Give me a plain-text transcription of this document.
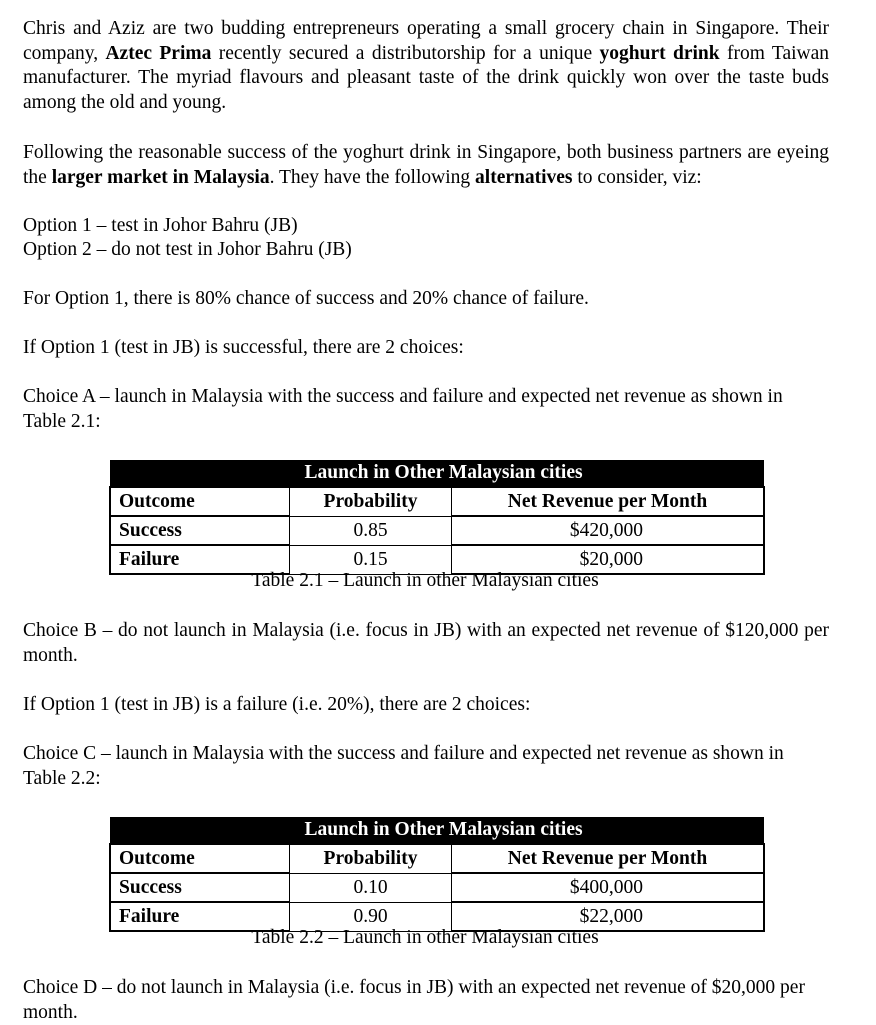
Chris and Aziz are two budding entrepreneurs operating a small grocery chain in Singapore. Their company, Aztec Prima recently secured a distributorship for a unique yoghurt drink from Taiwan manufacturer. The myriad flavours and pleasant taste of the drink quickly won over the taste buds among the old and young.

Following the reasonable success of the yoghurt drink in Singapore, both business partners are eyeing the larger market in Malaysia. They have the following alternatives to consider, viz:

Option 1 – test in Johor Bahru (JB)

Option 2 – do not test in Johor Bahru (JB)

For Option 1, there is 80% chance of success and 20% chance of failure.

If Option 1 (test in JB) is successful, there are 2 choices:

Choice A – launch in Malaysia with the success and failure and expected net revenue as shown in Table 2.1:

	Launch in Other Malaysian cities	
Outcome	Probability	Net Revenue per Month
Success	0.85	$420,000
Failure	0.15	$20,000
Table 2.1 – Launch in other Malaysian cities

Choice B – do not launch in Malaysia (i.e. focus in JB) with an expected net revenue of $120,000 per month.

If Option 1 (test in JB) is a failure (i.e. 20%), there are 2 choices:

Choice C – launch in Malaysia with the success and failure and expected net revenue as shown in Table 2.2:

	Launch in Other Malaysian cities	
Outcome	Probability	Net Revenue per Month
Success	0.10	$400,000
Failure	0.90	$22,000
Table 2.2 – Launch in other Malaysian cities

Choice D – do not launch in Malaysia (i.e. focus in JB) with an expected net revenue of $20,000 per month.
